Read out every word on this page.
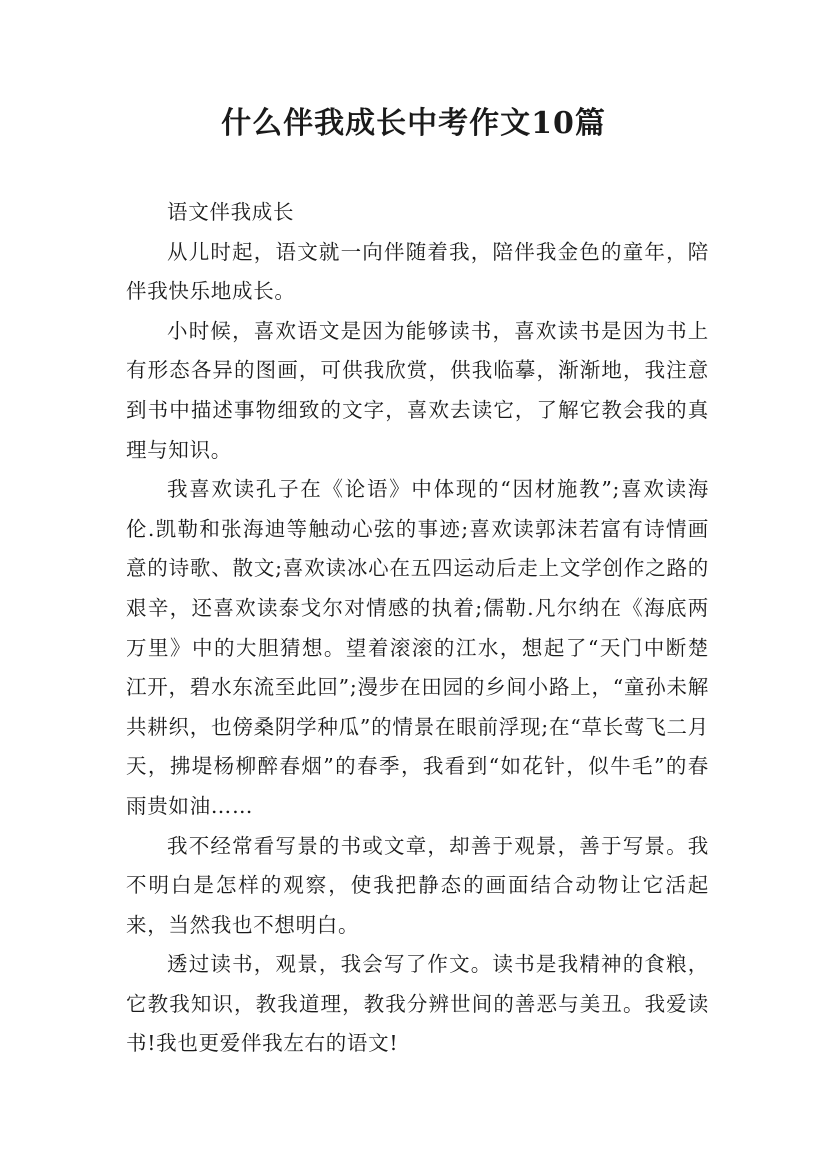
什么伴我成长中考作文10篇

语文伴我成长

从儿时起，语文就一向伴随着我，陪伴我金色的童年，陪伴我快乐地成长。

小时候，喜欢语文是因为能够读书，喜欢读书是因为书上有形态各异的图画，可供我欣赏，供我临摹，渐渐地，我注意到书中描述事物细致的文字，喜欢去读它，了解它教会我的真理与知识。

我喜欢读孔子在《论语》中体现的“因材施教”;喜欢读海伦.凯勒和张海迪等触动心弦的事迹;喜欢读郭沫若富有诗情画意的诗歌、散文;喜欢读冰心在五四运动后走上文学创作之路的艰辛，还喜欢读泰戈尔对情感的执着;儒勒.凡尔纳在《海底两万里》中的大胆猜想。望着滚滚的江水，想起了“天门中断楚江开，碧水东流至此回”;漫步在田园的乡间小路上，“童孙未解共耕织，也傍桑阴学种瓜”的情景在眼前浮现;在“草长莺飞二月天，拂堤杨柳醉春烟”的春季，我看到“如花针，似牛毛”的春雨贵如油……

我不经常看写景的书或文章，却善于观景，善于写景。我不明白是怎样的观察，使我把静态的画面结合动物让它活起来，当然我也不想明白。

透过读书，观景，我会写了作文。读书是我精神的食粮，它教我知识，教我道理，教我分辨世间的善恶与美丑。我爱读书!我也更爱伴我左右的语文!
